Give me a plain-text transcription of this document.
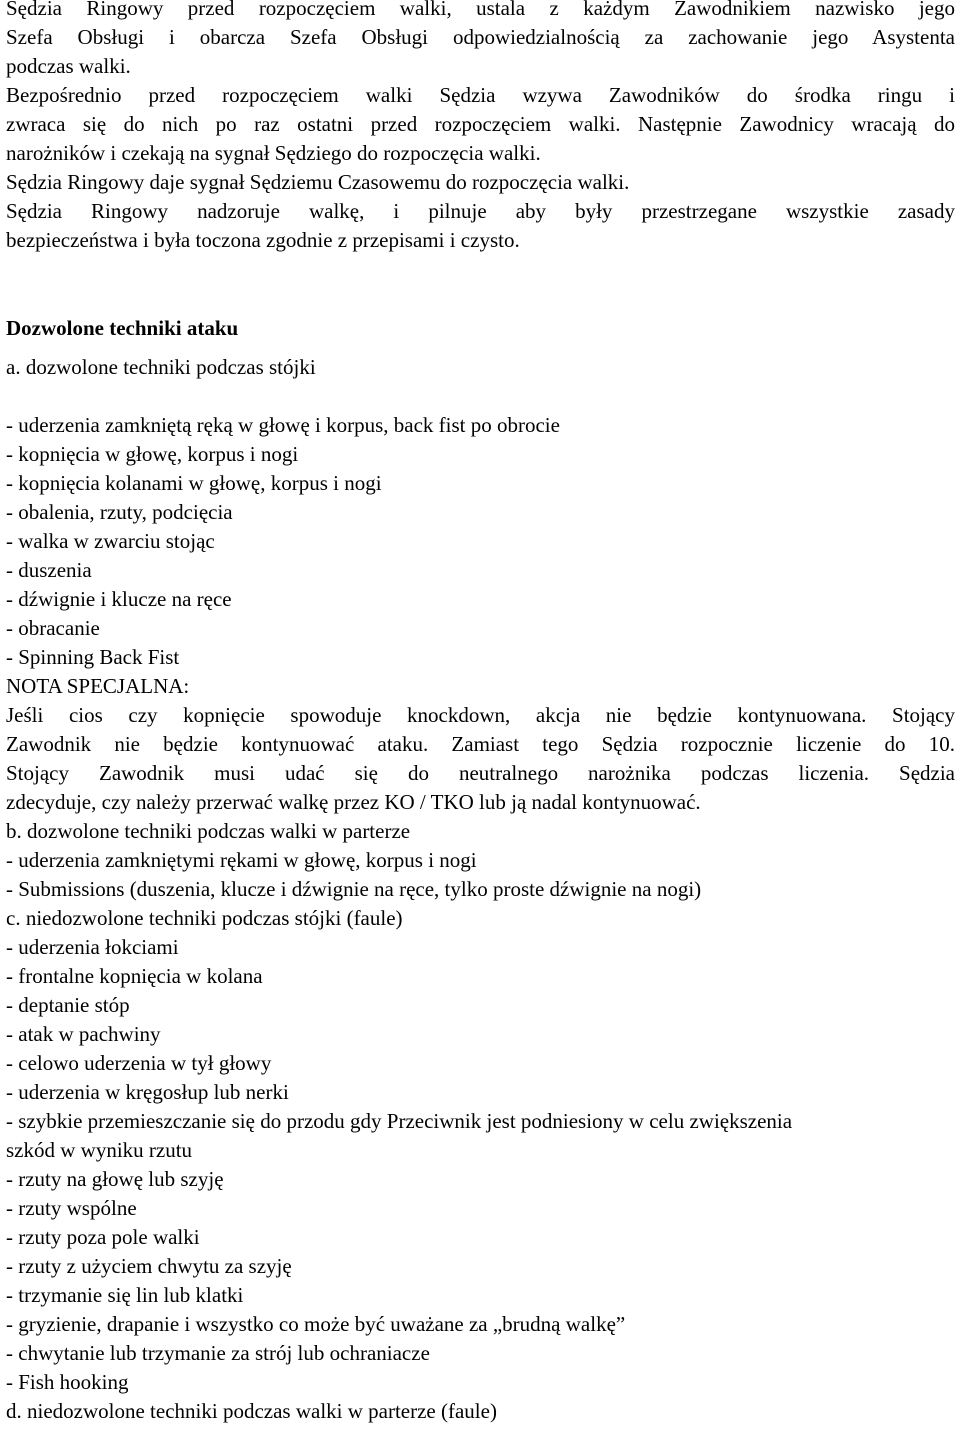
Sędzia Ringowy przed rozpoczęciem walki, ustala z każdym Zawodnikiem nazwisko jego
Szefa Obsługi i obarcza Szefa Obsługi odpowiedzialnością za zachowanie jego Asystenta
podczas walki.
Bezpośrednio przed rozpoczęciem walki Sędzia wzywa Zawodników do środka ringu i
zwraca się do nich po raz ostatni przed rozpoczęciem walki. Następnie Zawodnicy wracają do
narożników i czekają na sygnał Sędziego do rozpoczęcia walki.
Sędzia Ringowy daje sygnał Sędziemu Czasowemu do rozpoczęcia walki.
Sędzia Ringowy nadzoruje walkę, i pilnuje aby były przestrzegane wszystkie zasady
bezpieczeństwa i była toczona zgodnie z przepisami i czysto.
Dozwolone techniki ataku
a. dozwolone techniki podczas stójki
- uderzenia zamkniętą ręką w głowę i korpus, back fist po obrocie
- kopnięcia w głowę, korpus i nogi
- kopnięcia kolanami w głowę, korpus i nogi
- obalenia, rzuty, podcięcia
- walka w zwarciu stojąc
- duszenia
- dźwignie i klucze na ręce
- obracanie
- Spinning Back Fist
NOTA SPECJALNA:
Jeśli cios czy kopnięcie spowoduje knockdown, akcja nie będzie kontynuowana. Stojący
Zawodnik nie będzie kontynuować ataku. Zamiast tego Sędzia rozpocznie liczenie do 10.
Stojący Zawodnik musi udać się do neutralnego narożnika podczas liczenia. Sędzia
zdecyduje, czy należy przerwać walkę przez KO / TKO lub ją nadal kontynuować.
b. dozwolone techniki podczas walki w parterze
- uderzenia zamkniętymi rękami w głowę, korpus i nogi
- Submissions (duszenia, klucze i dźwignie na ręce, tylko proste dźwignie na nogi)
c. niedozwolone techniki podczas stójki (faule)
- uderzenia łokciami
- frontalne kopnięcia w kolana
- deptanie stóp
- atak w pachwiny
- celowo uderzenia w tył głowy
- uderzenia w kręgosłup lub nerki
- szybkie przemieszczanie się do przodu gdy Przeciwnik jest podniesiony w celu zwiększenia
szkód w wyniku rzutu
- rzuty na głowę lub szyję
- rzuty wspólne
- rzuty poza pole walki
- rzuty z użyciem chwytu za szyję
- trzymanie się lin lub klatki
- gryzienie, drapanie i wszystko co może być uważane za „brudną walkę”
- chwytanie lub trzymanie za strój lub ochraniacze
- Fish hooking
d. niedozwolone techniki podczas walki w parterze (faule)
